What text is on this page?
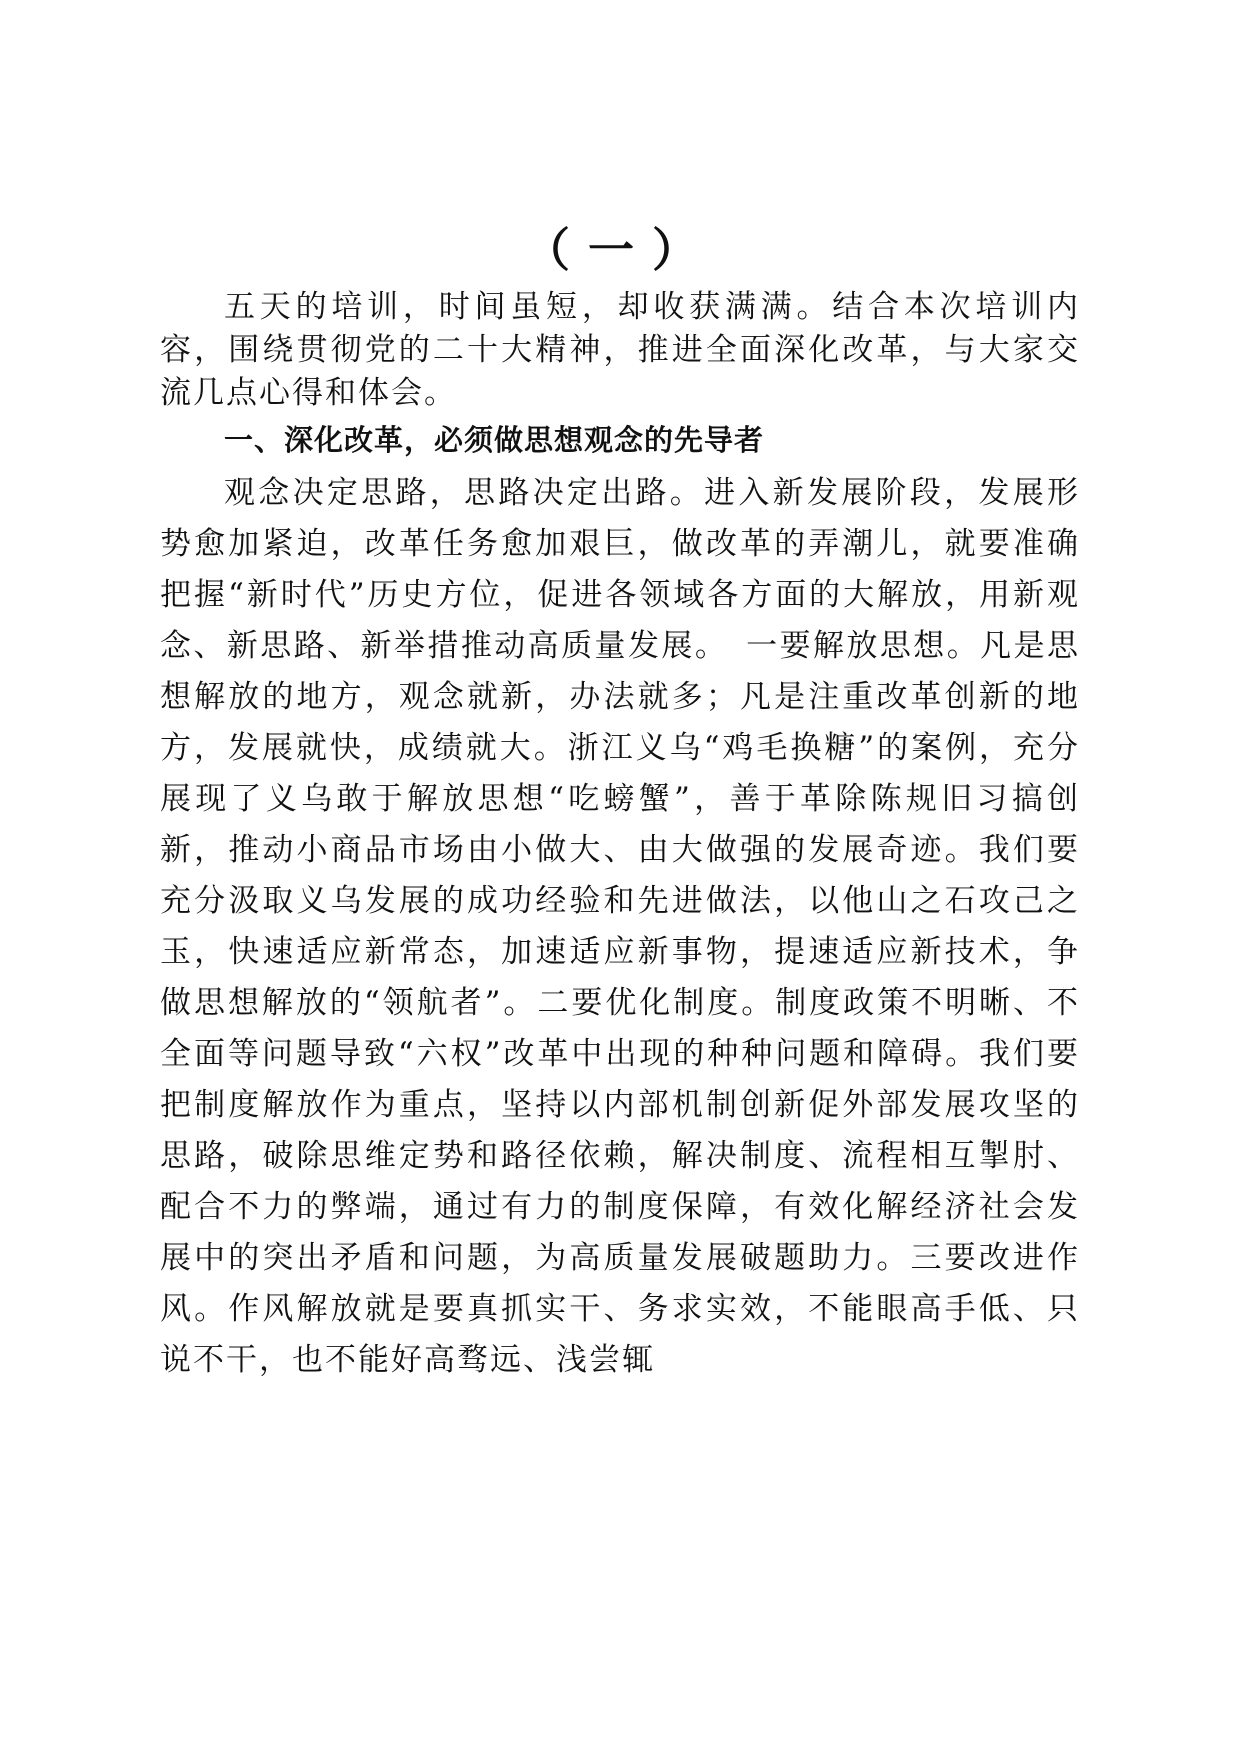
（一）

五天的培训，时间虽短，却收获满满。结合本次培训内容，围绕贯彻党的二十大精神，推进全面深化改革，与大家交流几点心得和体会。

一、深化改革，必须做思想观念的先导者

观念决定思路，思路决定出路。进入新发展阶段，发展形势愈加紧迫，改革任务愈加艰巨，做改革的弄潮儿，就要准确把握“新时代”历史方位，促进各领域各方面的大解放，用新观念、新思路、新举措推动高质量发展。　一要解放思想。凡是思想解放的地方，观念就新，办法就多；凡是注重改革创新的地方，发展就快，成绩就大。浙江义乌“鸡毛换糖”的案例，充分展现了义乌敢于解放思想“吃螃蟹”，善于革除陈规旧习搞创新，推动小商品市场由小做大、由大做强的发展奇迹。我们要充分汲取义乌发展的成功经验和先进做法，以他山之石攻己之玉，快速适应新常态，加速适应新事物，提速适应新技术，争做思想解放的“领航者”。二要优化制度。制度政策不明晰、不全面等问题导致“六权”改革中出现的种种问题和障碍。我们要把制度解放作为重点，坚持以内部机制创新促外部发展攻坚的思路，破除思维定势和路径依赖，解决制度、流程相互掣肘、配合不力的弊端，通过有力的制度保障，有效化解经济社会发展中的突出矛盾和问题，为高质量发展破题助力。三要改进作风。作风解放就是要真抓实干、务求实效，不能眼高手低、只说不干，也不能好高骛远、浅尝辄
